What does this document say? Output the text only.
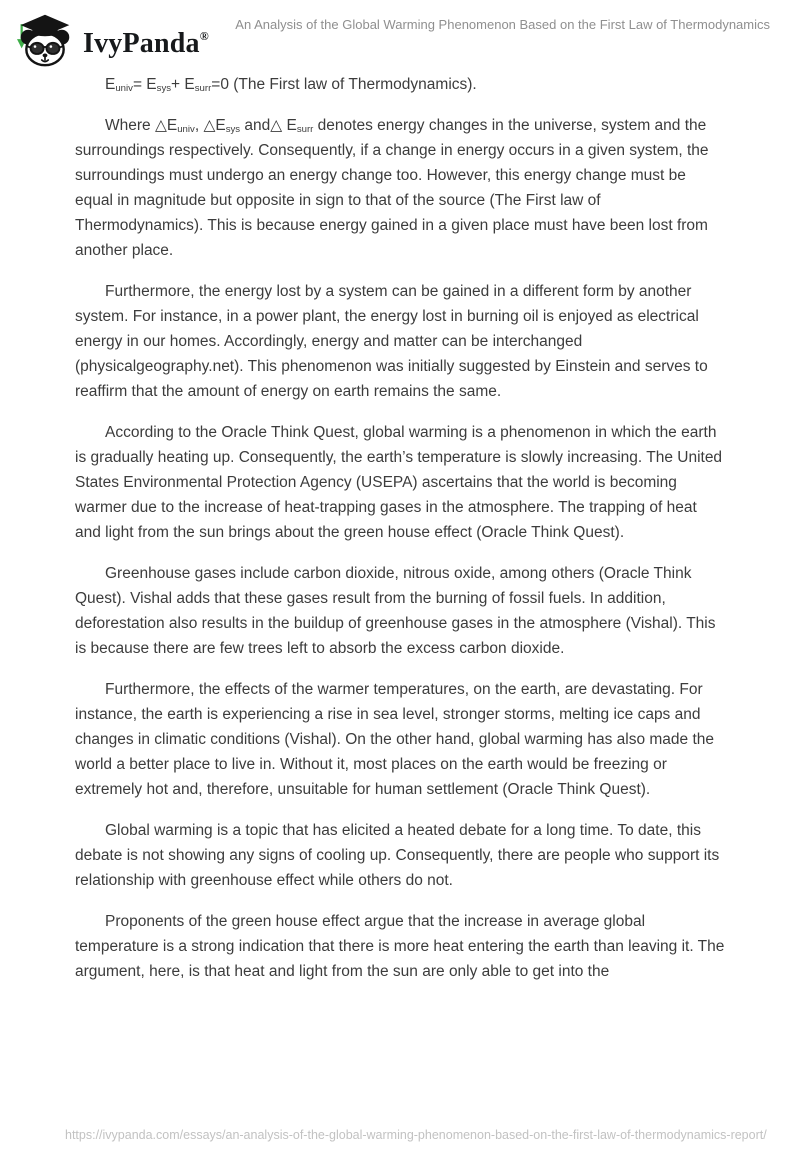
IvyPanda®
An Analysis of the Global Warming Phenomenon Based on the First Law of Thermodynamics

$E_{univ}= E_{sys}+ E_{surr}=0$ (The First law of Thermodynamics).

Where $\triangle E_{univ}$, $\triangle E_{sys}$ and△ $E_{surr}$ denotes energy changes in the universe, system and the surroundings respectively. Consequently, if a change in energy occurs in a given system, the surroundings must undergo an energy change too. However, this energy change must be equal in magnitude but opposite in sign to that of the source (The First law of Thermodynamics). This is because energy gained in a given place must have been lost from another place.

Furthermore, the energy lost by a system can be gained in a different form by another system. For instance, in a power plant, the energy lost in burning oil is enjoyed as electrical energy in our homes. Accordingly, energy and matter can be interchanged (physicalgeography.net). This phenomenon was initially suggested by Einstein and serves to reaffirm that the amount of energy on earth remains the same.

According to the Oracle Think Quest, global warming is a phenomenon in which the earth is gradually heating up. Consequently, the earth’s temperature is slowly increasing. The United States Environmental Protection Agency (USEPA) ascertains that the world is becoming warmer due to the increase of heat-trapping gases in the atmosphere. The trapping of heat and light from the sun brings about the green house effect (Oracle Think Quest).

Greenhouse gases include carbon dioxide, nitrous oxide, among others (Oracle Think Quest). Vishal adds that these gases result from the burning of fossil fuels. In addition, deforestation also results in the buildup of greenhouse gases in the atmosphere (Vishal). This is because there are few trees left to absorb the excess carbon dioxide.

Furthermore, the effects of the warmer temperatures, on the earth, are devastating. For instance, the earth is experiencing a rise in sea level, stronger storms, melting ice caps and changes in climatic conditions (Vishal). On the other hand, global warming has also made the world a better place to live in. Without it, most places on the earth would be freezing or extremely hot and, therefore, unsuitable for human settlement (Oracle Think Quest).

Global warming is a topic that has elicited a heated debate for a long time. To date, this debate is not showing any signs of cooling up. Consequently, there are people who support its relationship with greenhouse effect while others do not.

Proponents of the green house effect argue that the increase in average global temperature is a strong indication that there is more heat entering the earth than leaving it. The argument, here, is that heat and light from the sun are only able to get into the

https://ivypanda.com/essays/an-analysis-of-the-global-warming-phenomenon-based-on-the-first-law-of-thermodynamics-report/
